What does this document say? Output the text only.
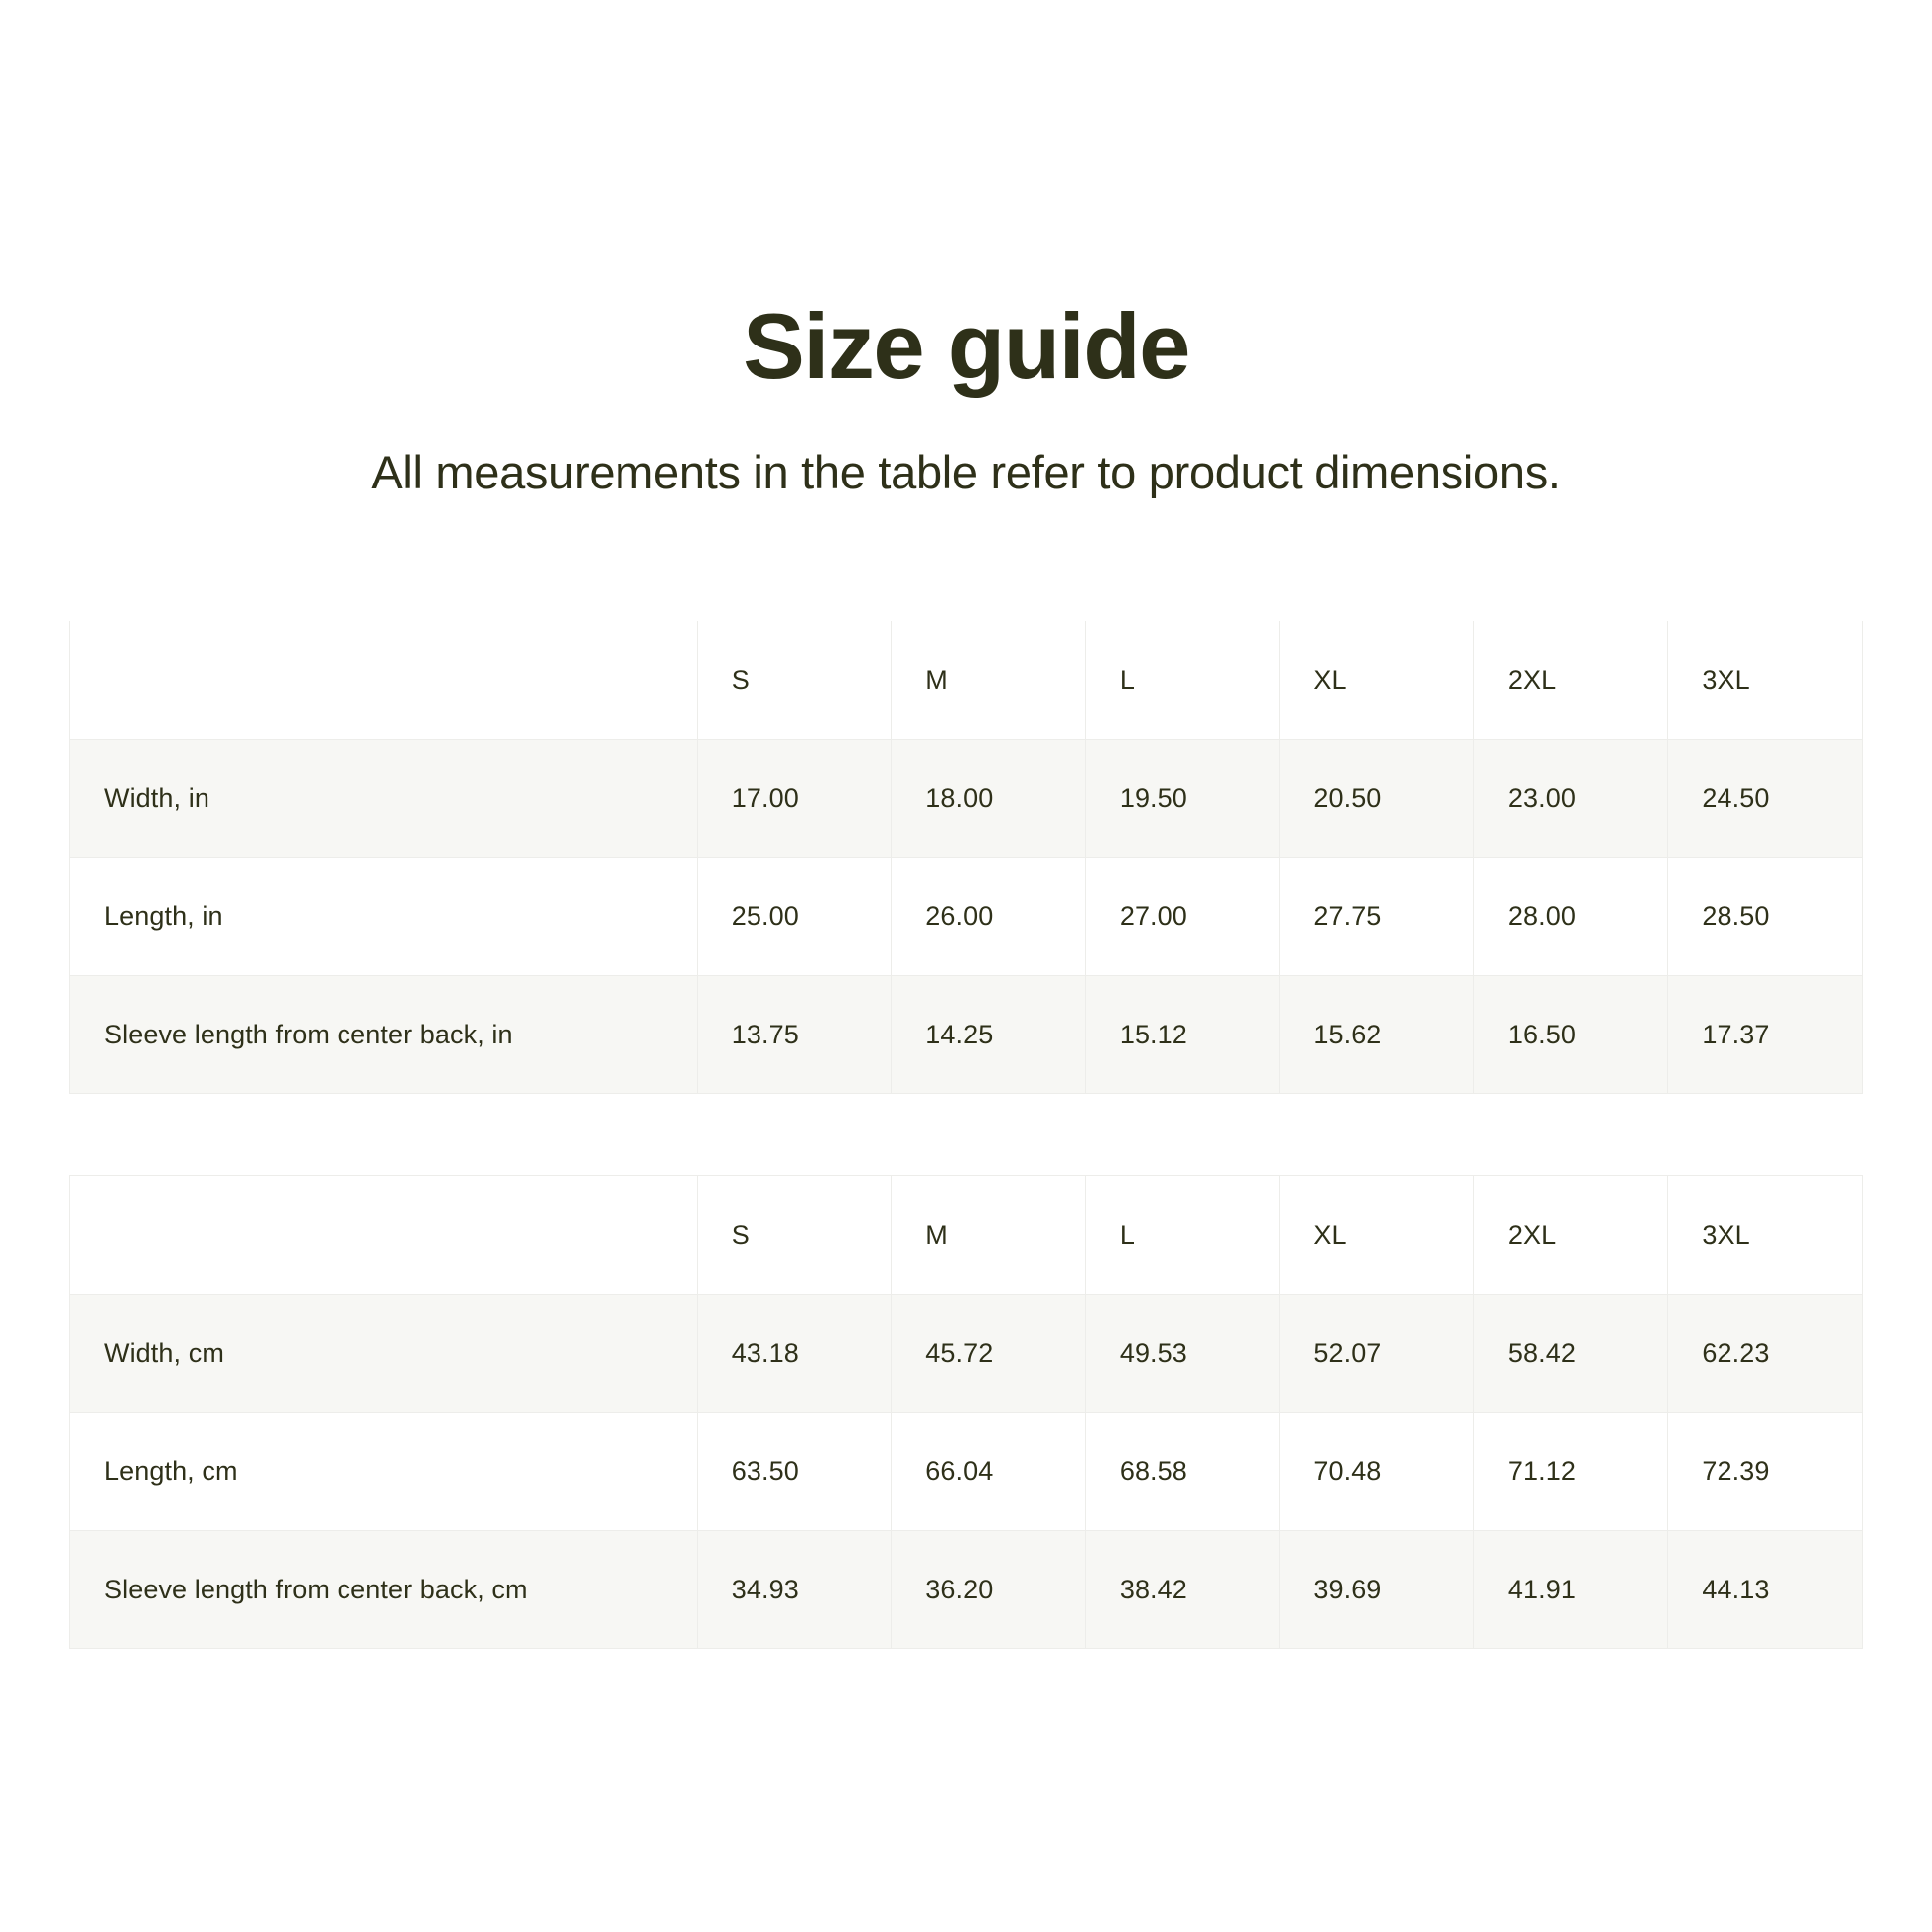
Size guide

All measurements in the table refer to product dimensions.

	S	M	L	XL	2XL	3XL
Width, in	17.00	18.00	19.50	20.50	23.00	24.50
Length, in	25.00	26.00	27.00	27.75	28.00	28.50
Sleeve length from center back, in	13.75	14.25	15.12	15.62	16.50	17.37
	S	M	L	XL	2XL	3XL
Width, cm	43.18	45.72	49.53	52.07	58.42	62.23
Length, cm	63.50	66.04	68.58	70.48	71.12	72.39
Sleeve length from center back, cm	34.93	36.20	38.42	39.69	41.91	44.13
